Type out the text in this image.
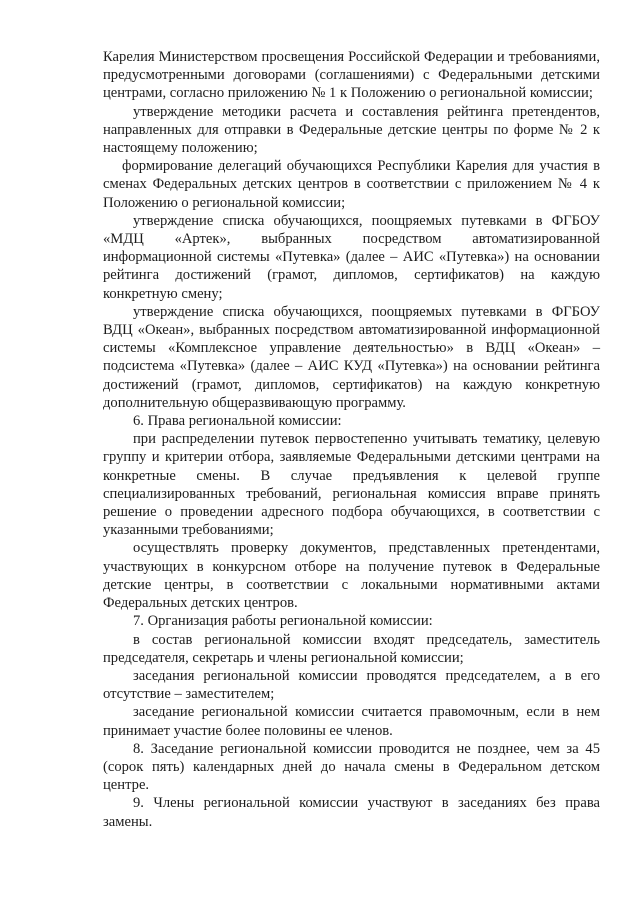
Карелия Министерством просвещения Российской Федерации и требованиями, предусмотренными договорами (соглашениями) с Федеральными детскими центрами, согласно приложению № 1 к Положению о региональной комиссии;

утверждение методики расчета и составления рейтинга претендентов, направленных для отправки в Федеральные детские центры по форме № 2 к настоящему положению;

формирование делегаций обучающихся Республики Карелия для участия в сменах Федеральных детских центров в соответствии с приложением № 4 к Положению о региональной комиссии;

утверждение списка обучающихся, поощряемых путевками в ФГБОУ «МДЦ «Артек», выбранных посредством автоматизированной информационной системы «Путевка» (далее – АИС «Путевка») на основании рейтинга достижений (грамот, дипломов, сертификатов) на каждую конкретную смену;

утверждение списка обучающихся, поощряемых путевками в ФГБОУ ВДЦ «Океан», выбранных посредством автоматизированной информационной системы «Комплексное управление деятельностью» в ВДЦ «Океан» – подсистема «Путевка» (далее – АИС КУД «Путевка») на основании рейтинга достижений (грамот, дипломов, сертификатов) на каждую конкретную дополнительную общеразвивающую программу.

6. Права региональной комиссии:

при распределении путевок первостепенно учитывать тематику, целевую группу и критерии отбора, заявляемые Федеральными детскими центрами на конкретные смены. В случае предъявления к целевой группе специализированных требований, региональная комиссия вправе принять решение о проведении адресного подбора обучающихся, в соответствии с указанными требованиями;

осуществлять проверку документов, представленных претендентами, участвующих в конкурсном отборе на получение путевок в Федеральные детские центры, в соответствии с локальными нормативными актами Федеральных детских центров.

7. Организация работы региональной комиссии:

в состав региональной комиссии входят председатель, заместитель председателя, секретарь и члены региональной комиссии;

заседания региональной комиссии проводятся председателем, а в его отсутствие – заместителем;

заседание региональной комиссии считается правомочным, если в нем принимает участие более половины ее членов.

8. Заседание региональной комиссии проводится не позднее, чем за 45 (сорок пять) календарных дней до начала смены в Федеральном детском центре.

9. Члены региональной комиссии участвуют в заседаниях без права замены.
